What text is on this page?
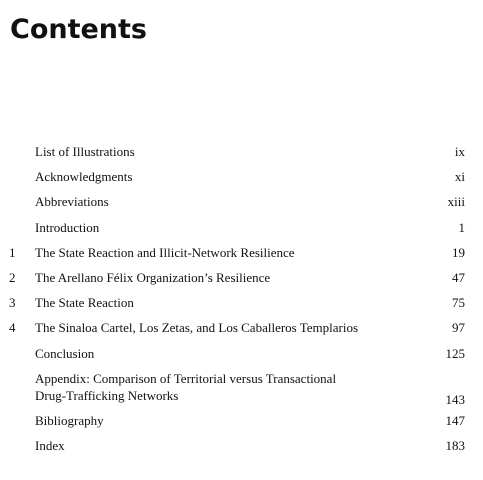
Contents
List of Illustrations	ix
Acknowledgments	xi
Abbreviations	xiii
Introduction	1
1	The State Reaction and Illicit-Network Resilience	19
2	The Arellano Félix Organization’s Resilience	47
3	The State Reaction	75
4	The Sinaloa Cartel, Los Zetas, and Los Caballeros Templarios	97
Conclusion	125
Appendix: Comparison of Territorial versus Transactional
Drug-Trafficking Networks	143
Bibliography	147
Index	183
